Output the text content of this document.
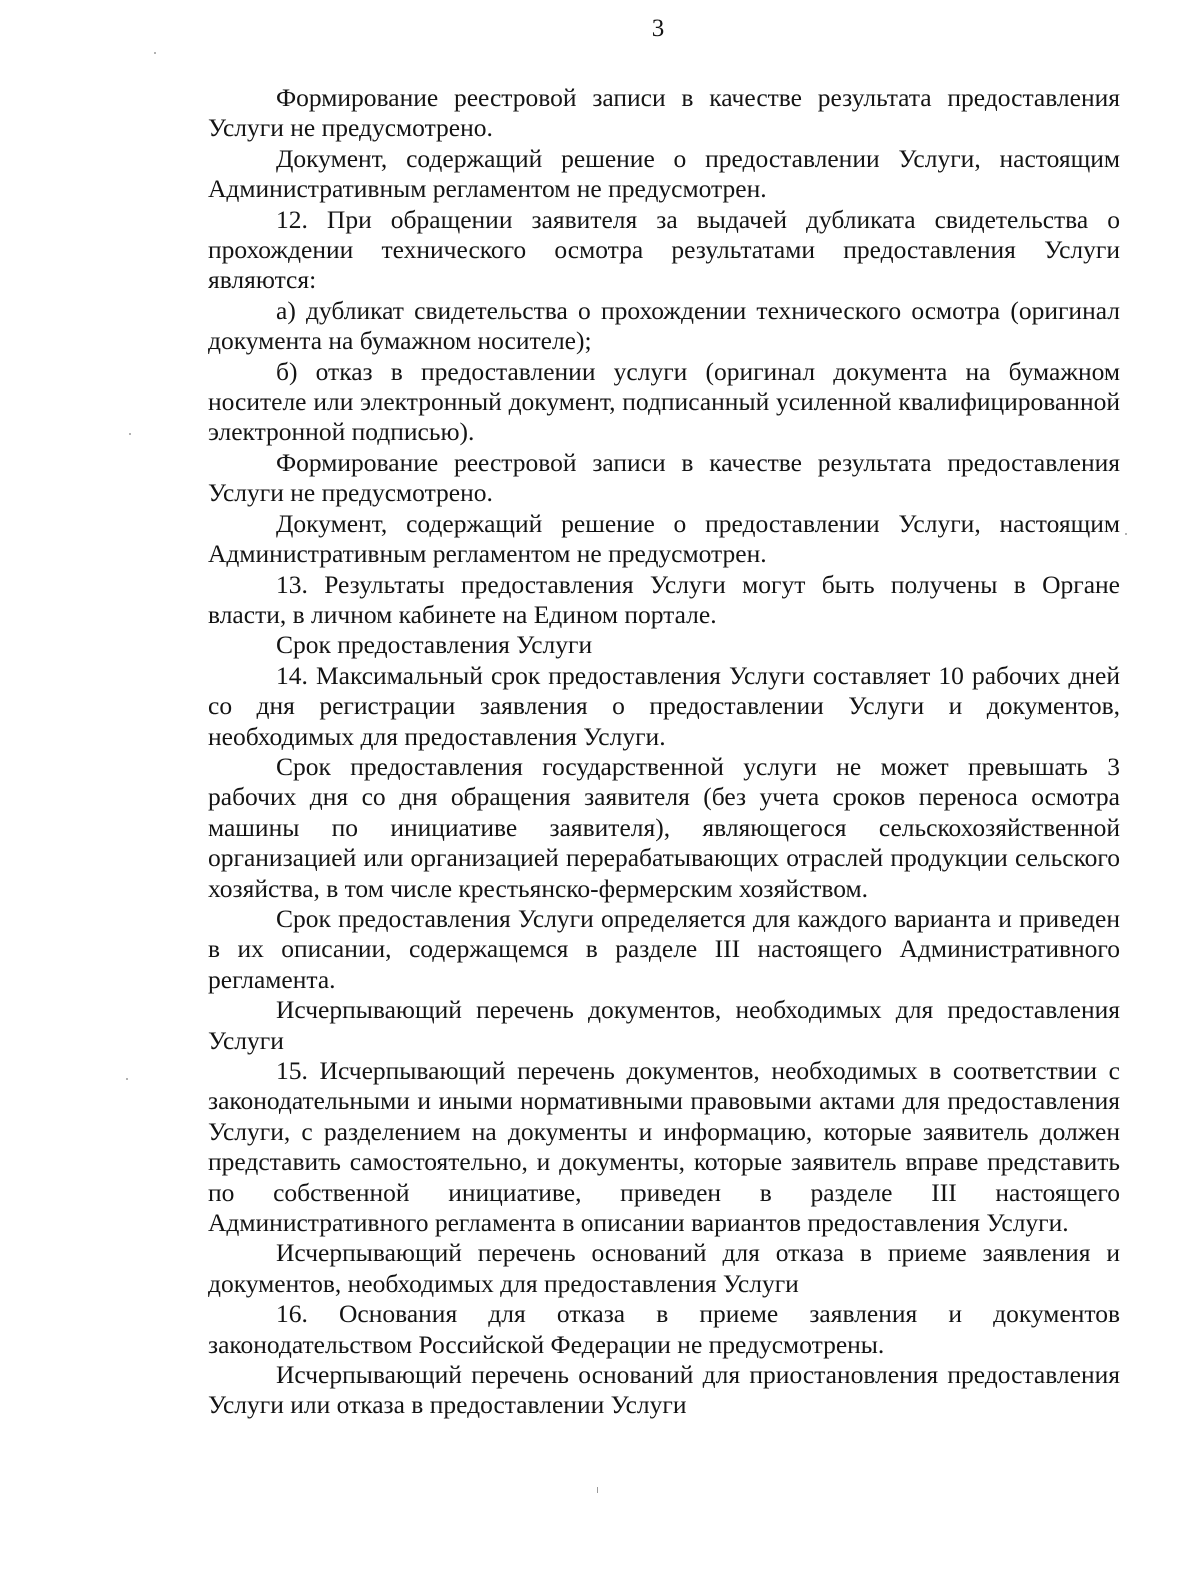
3

Формирование реестровой записи в качестве результата предоставления Услуги не предусмотрено.

Документ, содержащий решение о предоставлении Услуги, настоящим Административным регламентом не предусмотрен.

12. При обращении заявителя за выдачей дубликата свидетельства о прохождении технического осмотра результатами предоставления Услуги являются:

а) дубликат свидетельства о прохождении технического осмотра (оригинал документа на бумажном носителе);

б) отказ в предоставлении услуги (оригинал документа на бумажном носителе или электронный документ, подписанный усиленной квалифицированной электронной подписью).

Формирование реестровой записи в качестве результата предоставления Услуги не предусмотрено.

Документ, содержащий решение о предоставлении Услуги, настоящим Административным регламентом не предусмотрен.

13. Результаты предоставления Услуги могут быть получены в Органе власти, в личном кабинете на Едином портале.

Срок предоставления Услуги

14. Максимальный срок предоставления Услуги составляет 10 рабочих дней со дня регистрации заявления о предоставлении Услуги и документов, необходимых для предоставления Услуги.

Срок предоставления государственной услуги не может превышать 3 рабочих дня со дня обращения заявителя (без учета сроков переноса осмотра машины по инициативе заявителя), являющегося сельскохозяйственной организацией или организацией перерабатывающих отраслей продукции сельского хозяйства, в том числе крестьянско-фермерским хозяйством.

Срок предоставления Услуги определяется для каждого варианта и приведен в их описании, содержащемся в разделе III настоящего Административного регламента.

Исчерпывающий перечень документов, необходимых для предоставления Услуги

15. Исчерпывающий перечень документов, необходимых в соответствии с законодательными и иными нормативными правовыми актами для предоставления Услуги, с разделением на документы и информацию, которые заявитель должен представить самостоятельно, и документы, которые заявитель вправе представить по собственной инициативе, приведен в разделе III настоящего Административного регламента в описании вариантов предоставления Услуги.

Исчерпывающий перечень оснований для отказа в приеме заявления и документов, необходимых для предоставления Услуги

16. Основания для отказа в приеме заявления и документов законодательством Российской Федерации не предусмотрены.

Исчерпывающий перечень оснований для приостановления предоставления Услуги или отказа в предоставлении Услуги
